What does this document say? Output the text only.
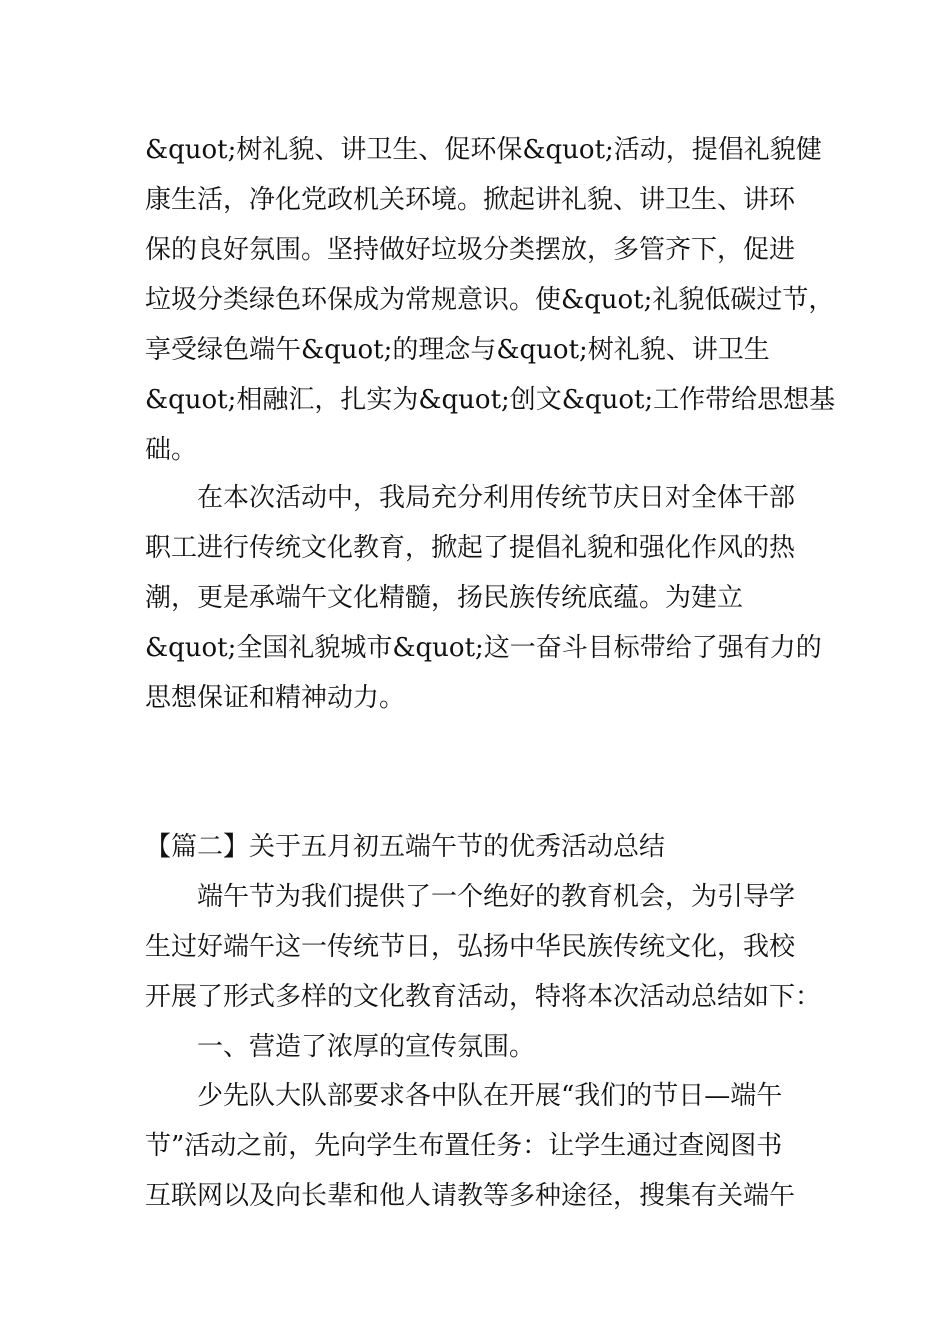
&quot;树礼貌、讲卫生、促环保&quot;活动，提倡礼貌健
康生活，净化党政机关环境。掀起讲礼貌、讲卫生、讲环
保的良好氛围。坚持做好垃圾分类摆放，多管齐下，促进
垃圾分类绿色环保成为常规意识。使&quot;礼貌低碳过节，
享受绿色端午&quot;的理念与&quot;树礼貌、讲卫生
&quot;相融汇，扎实为&quot;创文&quot;工作带给思想基
础。
在本次活动中，我局充分利用传统节庆日对全体干部
职工进行传统文化教育，掀起了提倡礼貌和强化作风的热
潮，更是承端午文化精髓，扬民族传统底蕴。为建立
&quot;全国礼貌城市&quot;这一奋斗目标带给了强有力的
思想保证和精神动力。
【篇二】关于五月初五端午节的优秀活动总结
端午节为我们提供了一个绝好的教育机会，为引导学
生过好端午这一传统节日，弘扬中华民族传统文化，我校
开展了形式多样的文化教育活动，特将本次活动总结如下：
一、营造了浓厚的宣传氛围。
少先队大队部要求各中队在开展“我们的节日—端午
节”活动之前，先向学生布置任务：让学生通过查阅图书
互联网以及向长辈和他人请教等多种途径，搜集有关端午
